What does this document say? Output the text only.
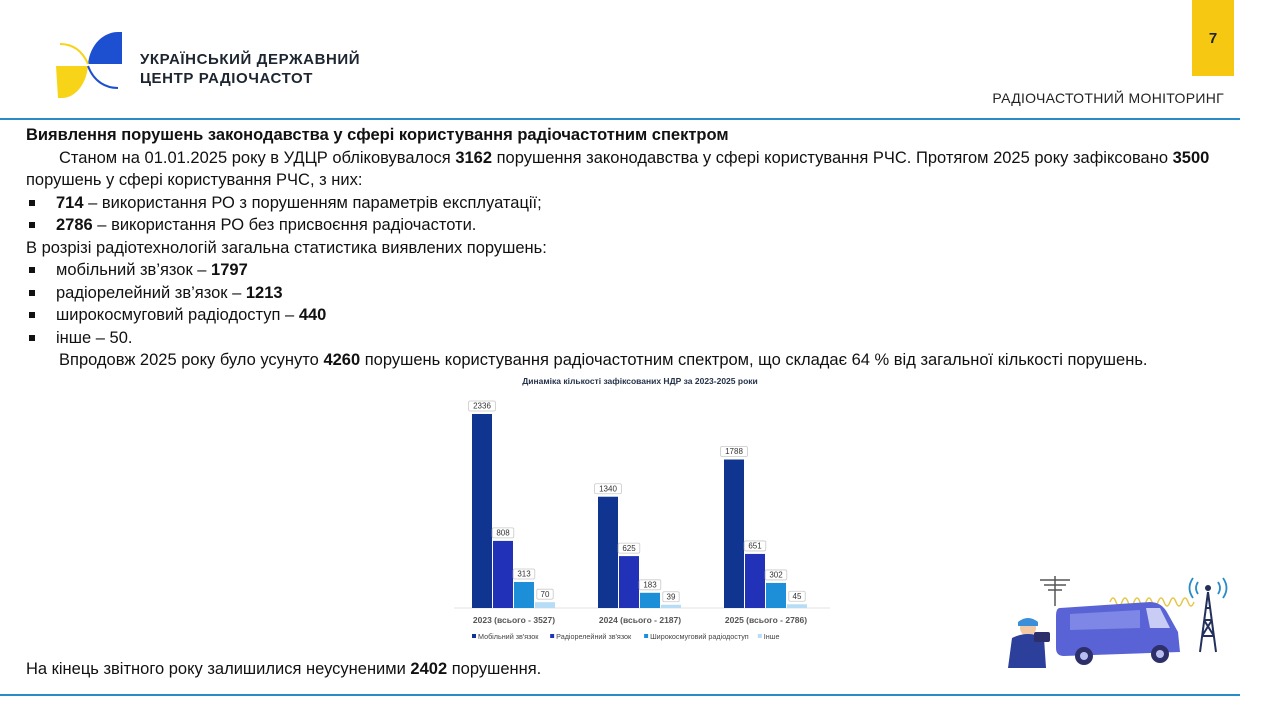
УКРАЇНСЬКИЙ ДЕРЖАВНИЙ
ЦЕНТР РАДІОЧАСТОТ
7
РАДІОЧАСТОТНИЙ МОНІТОРИНГ

Виявлення порушень законодавства у сфері користування радіочастотним спектром

Станом на 01.01.2025 року в УДЦР обліковувалося 3162 порушення законодавства у сфері користування РЧС. Протягом 2025 року зафіксовано 3500 порушень у сфері користування РЧС, з них:

714 – використання РО з порушенням параметрів експлуатації;
2786 – використання РО без присвоєння радіочастоти.

В розрізі радіотехнологій загальна статистика виявлених порушень:

мобільний зв’язок – 1797
радіорелейний зв’язок – 1213
широкосмуговий радіодоступ – 440
інше – 50.

Впродовж 2025 року було усунуто 4260 порушень користування радіочастотним спектром, що складає 64 % від загальної кількості порушень.

Динаміка кількості зафіксованих НДР за 2023-2025 роки
2336
808
313
70
2023 (всього - 3527)
1340
625
183
39
2024 (всього - 2187)
1788
651
302
45
2025 (всього - 2786)
Мобільний зв'язок Радіорелейний зв'язок	Широкосмуговий радіодоступ Інше

На кінець звітного року залишилися неусуненими 2402 порушення.
